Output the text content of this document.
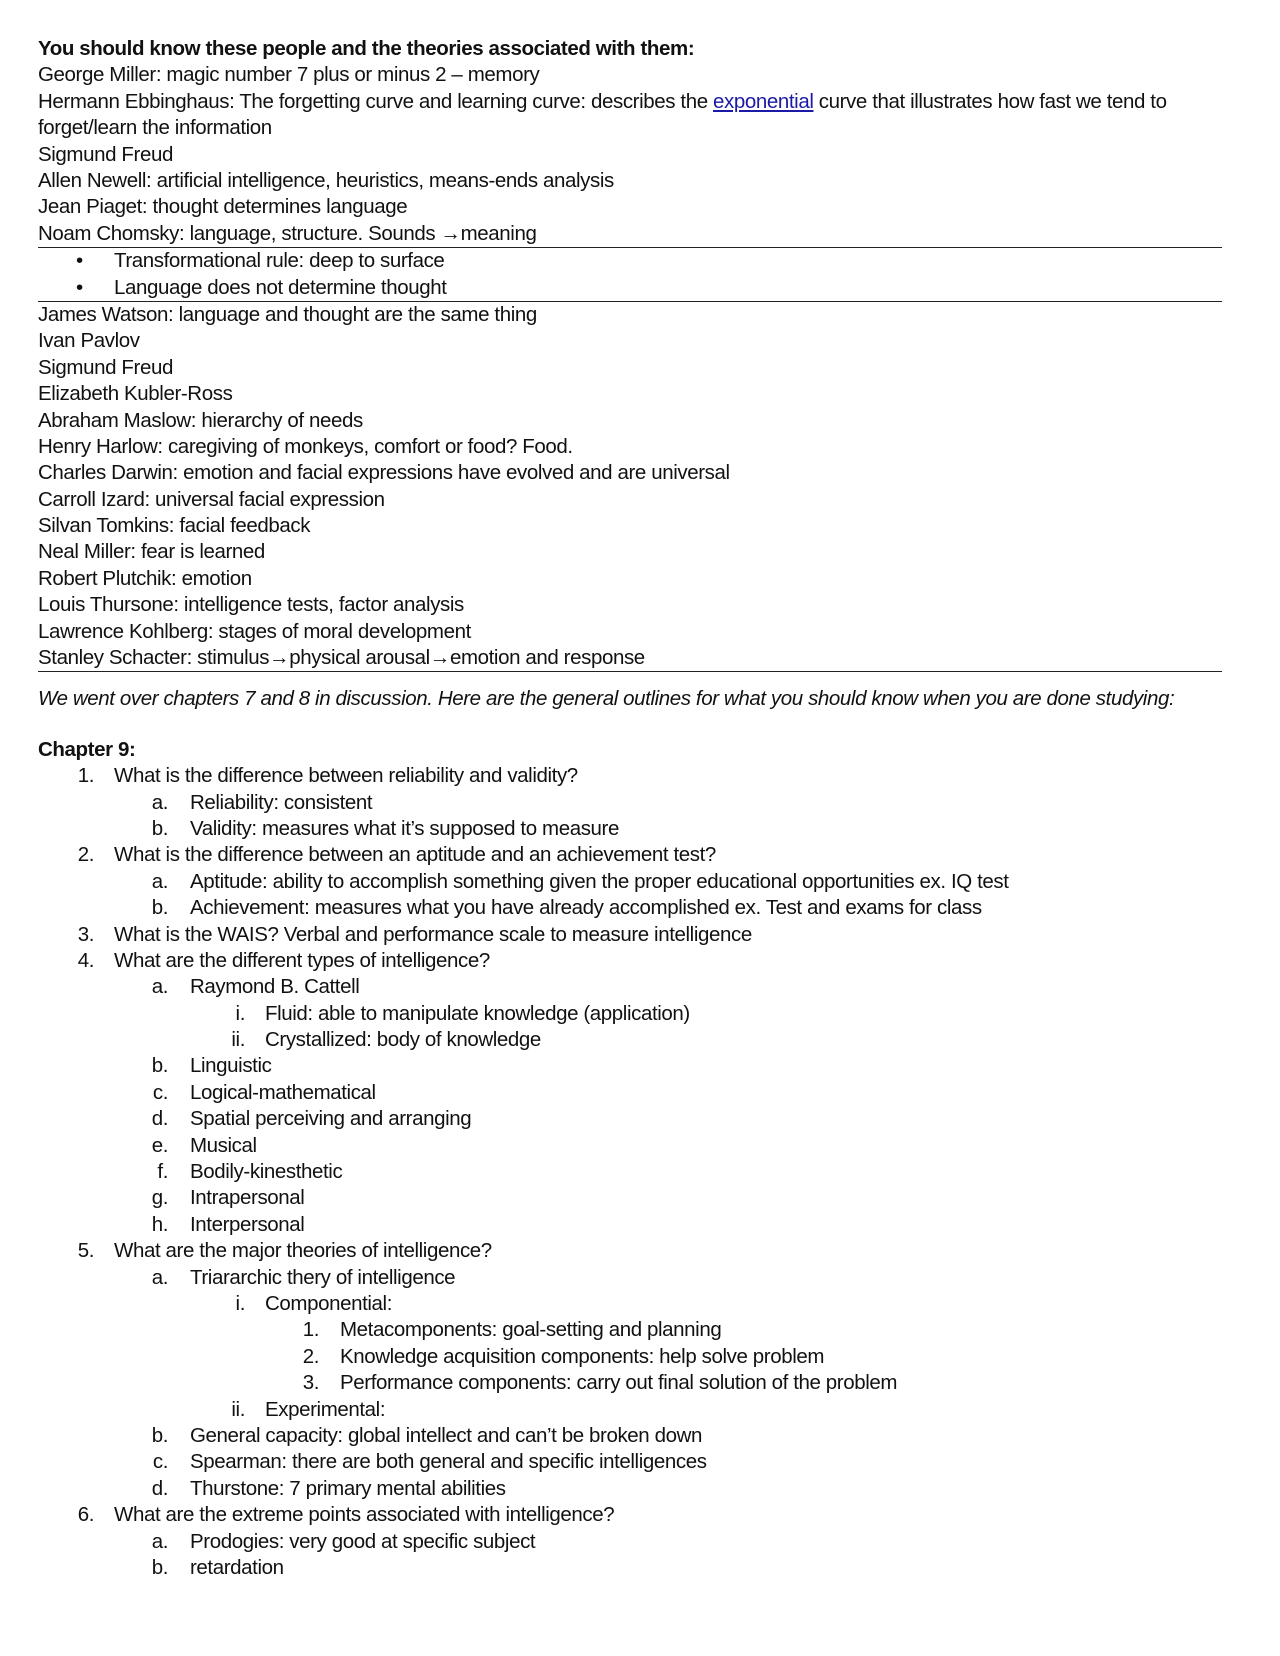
You should know these people and the theories associated with them:
George Miller: magic number 7 plus or minus 2 – memory
Hermann Ebbinghaus: The forgetting curve and learning curve: describes the exponential curve that illustrates how fast we tend to forget/learn the information
Sigmund Freud
Allen Newell: artificial intelligence, heuristics, means-ends analysis
Jean Piaget: thought determines language
Noam Chomsky: language, structure. Sounds →meaning
• Transformational rule: deep to surface
• Language does not determine thought
James Watson: language and thought are the same thing
Ivan Pavlov
Sigmund Freud
Elizabeth Kubler-Ross
Abraham Maslow: hierarchy of needs
Henry Harlow: caregiving of monkeys, comfort or food? Food.
Charles Darwin: emotion and facial expressions have evolved and are universal
Carroll Izard: universal facial expression
Silvan Tomkins: facial feedback
Neal Miller: fear is learned
Robert Plutchik: emotion
Louis Thursone: intelligence tests, factor analysis
Lawrence Kohlberg: stages of moral development
Stanley Schacter: stimulus→physical arousal→emotion and response
We went over chapters 7 and 8 in discussion. Here are the general outlines for what you should know when you are done studying:
Chapter 9:
1. What is the difference between reliability and validity?
a. Reliability: consistent
b. Validity: measures what it’s supposed to measure
2. What is the difference between an aptitude and an achievement test?
a. Aptitude: ability to accomplish something given the proper educational opportunities ex. IQ test
b. Achievement: measures what you have already accomplished ex. Test and exams for class
3. What is the WAIS? Verbal and performance scale to measure intelligence
4. What are the different types of intelligence?
a. Raymond B. Cattell
i. Fluid: able to manipulate knowledge (application)
ii. Crystallized: body of knowledge
b. Linguistic
c. Logical-mathematical
d. Spatial perceiving and arranging
e. Musical
f. Bodily-kinesthetic
g. Intrapersonal
h. Interpersonal
5. What are the major theories of intelligence?
a. Triararchic thery of intelligence
i. Componential:
1. Metacomponents: goal-setting and planning
2. Knowledge acquisition components: help solve problem
3. Performance components: carry out final solution of the problem
ii. Experimental:
b. General capacity: global intellect and can’t be broken down
c. Spearman: there are both general and specific intelligences
d. Thurstone: 7 primary mental abilities
6. What are the extreme points associated with intelligence?
a. Prodogies: very good at specific subject
b. retardation
